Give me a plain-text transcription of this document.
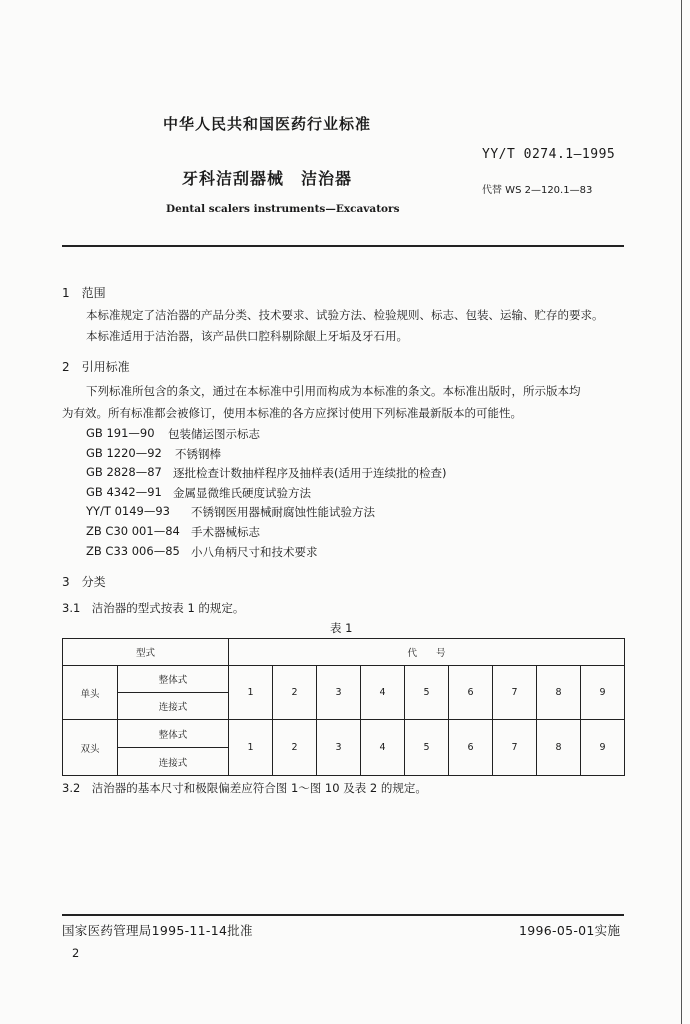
中华人民共和国医药行业标准
YY/T 0274.1—1995
牙科洁刮器械　洁治器
代替 WS 2—120.1—83
Dental scalers instruments—Excavators
1　范围
本标准规定了洁治器的产品分类、技术要求、试验方法、检验规则、标志、包装、运输、贮存的要求。
本标准适用于洁治器，该产品供口腔科剔除龈上牙垢及牙石用。
2　引用标准
下列标准所包含的条文，通过在本标准中引用而构成为本标准的条文。本标准出版时，所示版本均
为有效。所有标准都会被修订，使用本标准的各方应探讨使用下列标准最新版本的可能性。
GB 191—90 包装储运图示标志
GB 1220—92 不锈钢棒
GB 2828—87 逐批检查计数抽样程序及抽样表(适用于连续批的检查)
GB 4342—91 金属显微维氏硬度试验方法
YY/T 0149—93 不锈钢医用器械耐腐蚀性能试验方法
ZB C30 001—84 手术器械标志
ZB C33 006—85 小八角柄尺寸和技术要求
3　分类
3.1　洁治器的型式按表 1 的规定。
表 1
型式		代　　号								
单头	整体式	1	2	3	4	5	6	7	8	9
	连接式									
双头	整体式	1	2	3	4	5	6	7	8	9
	连接式									
3.2　洁治器的基本尺寸和极限偏差应符合图 1～图 10 及表 2 的规定。
国家医药管理局1995-11-14批准	1996-05-01实施
2
